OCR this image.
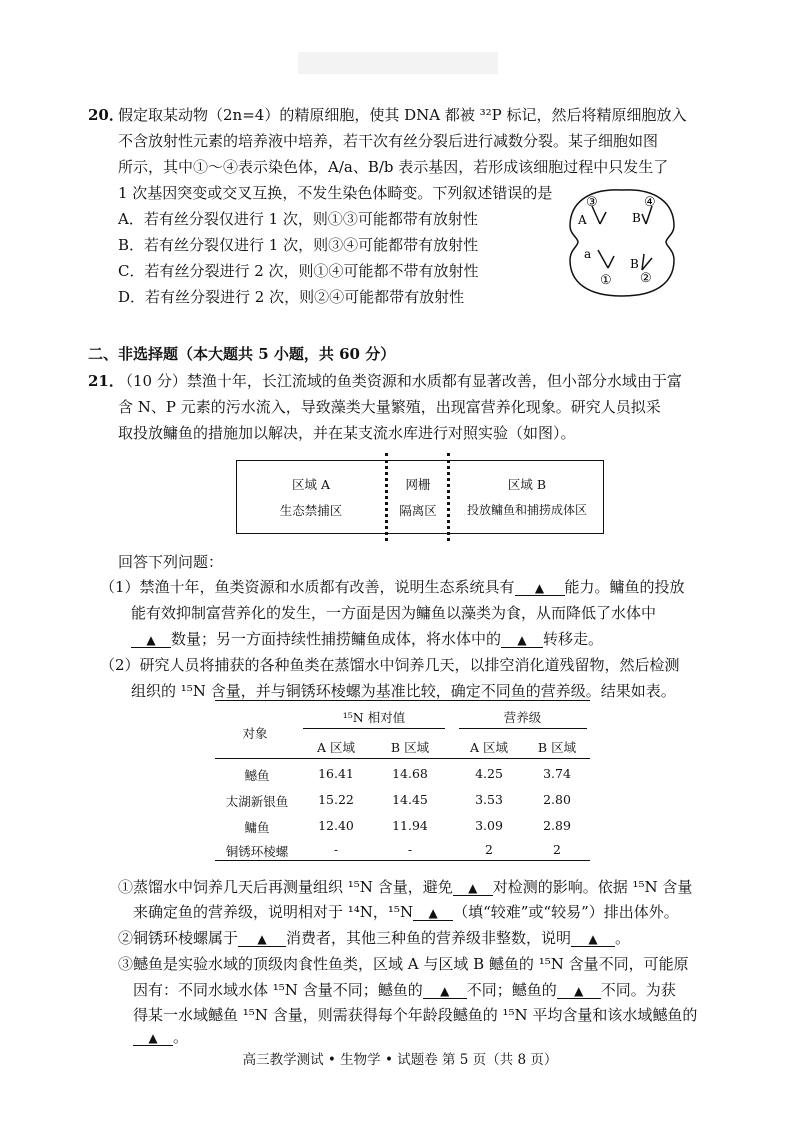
20．
假定取某动物（2n=4）的精原细胞，使其 DNA 都被 ³²P 标记，然后将精原细胞放入
不含放射性元素的培养液中培养，若干次有丝分裂后进行减数分裂。某子细胞如图
所示，其中①～④表示染色体，A/a、B/b 表示基因，若形成该细胞过程中只发生了
1 次基因突变或交叉互换，不发生染色体畸变。下列叙述错误的是
A．若有丝分裂仅进行 1 次，则①③可能都带有放射性
B．若有丝分裂仅进行 1 次，则③④可能都带有放射性
C．若有丝分裂进行 2 次，则①④可能都不带有放射性
D．若有丝分裂进行 2 次，则②④可能都带有放射性
③	④
A	B
a
B
① ②
二、非选择题（本大题共 5 小题，共 60 分）
21．
（10 分）禁渔十年，长江流域的鱼类资源和水质都有显著改善，但小部分水域由于富
含 N、P 元素的污水流入，导致藻类大量繁殖，出现富营养化现象。研究人员拟采
取投放鳙鱼的措施加以解决，并在某支流水库进行对照实验（如图）。
区域 A
生态禁捕区
网栅
隔离区
区域 B
投放鳙鱼和捕捞成体区
回答下列问题：
（1）禁渔十年，鱼类资源和水质都有改善，说明生态系统具有 ▲ 能力。鳙鱼的投放
能有效抑制富营养化的发生，一方面是因为鳙鱼以藻类为食，从而降低了水体中
▲ 数量；另一方面持续性捕捞鳙鱼成体，将水体中的 ▲ 转移走。
（2）研究人员将捕获的各种鱼类在蒸馏水中饲养几天，以排空消化道残留物，然后检测
组织的 ¹⁵N 含量，并与铜锈环棱螺为基准比较，确定不同鱼的营养级。结果如表。
对象
¹⁵N 相对值	营养级
A 区域	B 区域	A 区域	B 区域
鳡鱼	16.41	14.68	4.25	3.74
太湖新银鱼	15.22	14.45	3.53	2.80
鳙鱼	12.40	11.94	3.09	2.89
铜锈环棱螺	-	-	2	2
①蒸馏水中饲养几天后再测量组织 ¹⁵N 含量，避免 ▲ 对检测的影响。依据 ¹⁵N 含量
来确定鱼的营养级，说明相对于 ¹⁴N，¹⁵N ▲ （填“较难”或“较易”）排出体外。
②铜锈环棱螺属于 ▲ 消费者，其他三种鱼的营养级非整数，说明 ▲ 。
③鳡鱼是实验水域的顶级肉食性鱼类，区域 A 与区域 B 鳡鱼的 ¹⁵N 含量不同，可能原
因有：不同水域水体 ¹⁵N 含量不同；鳡鱼的 ▲ 不同；鳡鱼的 ▲ 不同。为获
得某一水域鳡鱼 ¹⁵N 含量，则需获得每个年龄段鳡鱼的 ¹⁵N 平均含量和该水域鳡鱼的
▲ 。
高三教学测试 • 生物学 • 试题卷 第 5 页（共 8 页）
